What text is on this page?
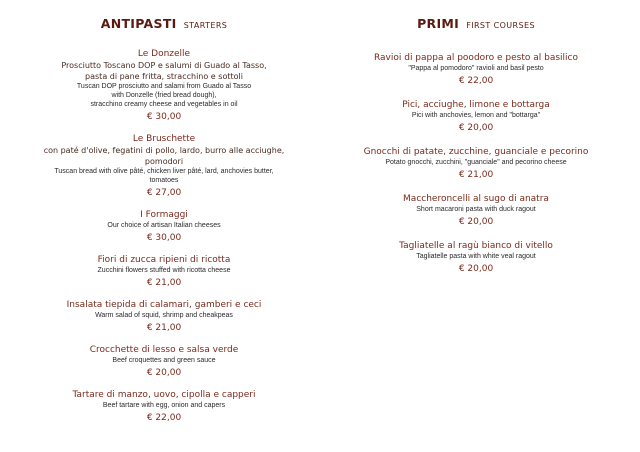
ANTIPASTI STARTERS
Le Donzelle
Prosciutto Toscano DOP e salumi di Guado al Tasso,
pasta di pane fritta, stracchino e sottoli
Tuscan DOP prosciutto and salami from Guado al Tasso
with Donzelle (fried bread dough),
stracchino creamy cheese and vegetables in oil
€ 30,00
Le Bruschette
con paté d'olive, fegatini di pollo, lardo, burro alle acciughe,
pomodori
Tuscan bread with olive pâté, chicken liver pâté, lard, anchovies butter,
tomatoes
€ 27,00
I Formaggi
Our choice of artisan Italian cheeses
€ 30,00
Fiori di zucca ripieni di ricotta
Zucchini flowers stuffed with ricotta cheese
€ 21,00
Insalata tiepida di calamari, gamberi e ceci
Warm salad of squid, shrimp and cheakpeas
€ 21,00
Crocchette di lesso e salsa verde
Beef croquettes and green sauce
€ 20,00
Tartare di manzo, uovo, cipolla e capperi
Beef tartare with egg, onion and capers
€ 22,00
PRIMI FIRST COURSES
Ravioi di pappa al poodoro e pesto al basilico
"Pappa al pomodoro" ravioli and basil pesto
€ 22,00
Pici, acciughe, limone e bottarga
Pici with anchovies, lemon and "bottarga"
€ 20,00
Gnocchi di patate, zucchine, guanciale e pecorino
Potato gnocchi, zucchini, "guanciale" and pecorino cheese
€ 21,00
Maccheroncelli al sugo di anatra
Short macaroni pasta with duck ragout
€ 20,00
Tagliatelle al ragù bianco di vitello
Tagliatelle pasta with white veal ragout
€ 20,00
